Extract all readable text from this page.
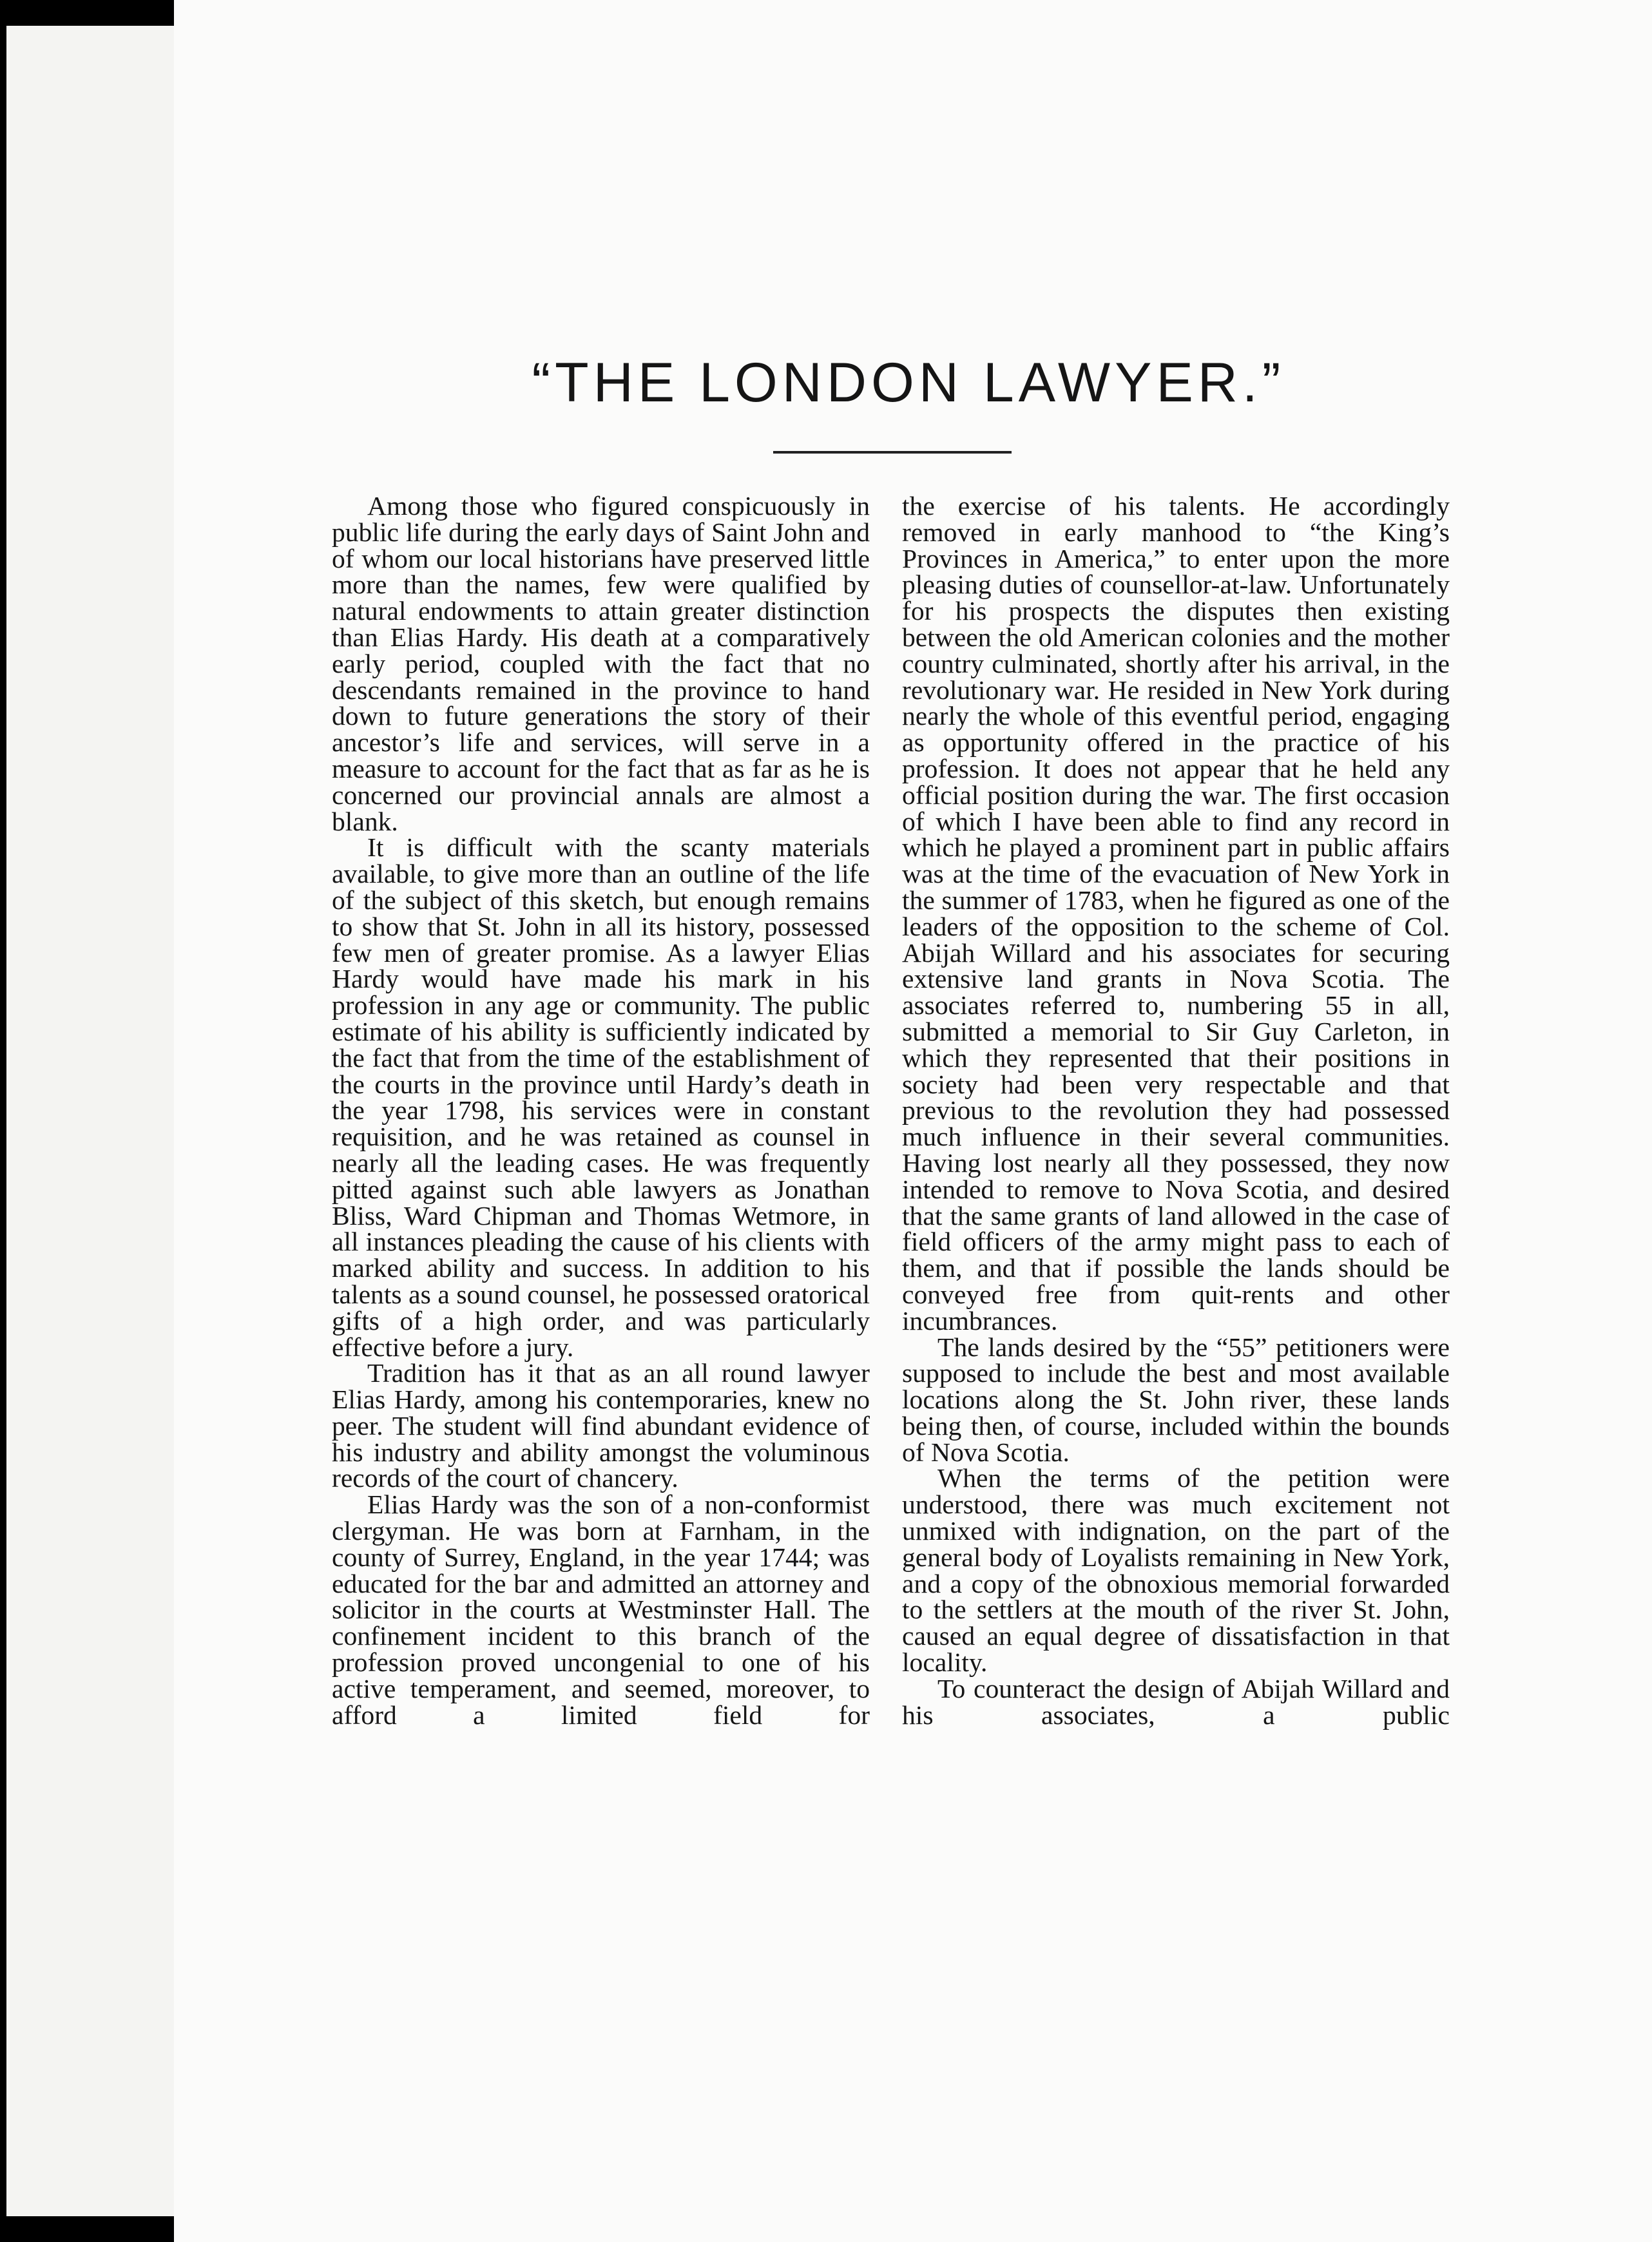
“THE LONDON LAWYER.”

Among those who figured conspicuously in public life during the early days of Saint John and of whom our local historians have preserved little more than the names, few were qualified by natural endowments to attain greater distinction than Elias Hardy. His death at a comparatively early period, coupled with the fact that no descendants remained in the province to hand down to future generations the story of their ancestor’s life and services, will serve in a measure to account for the fact that as far as he is concerned our provincial annals are almost a blank.

It is difficult with the scanty materials available, to give more than an outline of the life of the subject of this sketch, but enough remains to show that St. John in all its history, possessed few men of greater promise. As a lawyer Elias Hardy would have made his mark in his profession in any age or community. The public estimate of his ability is sufficiently indicated by the fact that from the time of the establishment of the courts in the province until Hardy’s death in the year 1798, his services were in constant requisition, and he was retained as counsel in nearly all the leading cases. He was frequently pitted against such able lawyers as Jonathan Bliss, Ward Chipman and Thomas Wetmore, in all instances pleading the cause of his clients with marked ability and success. In addition to his talents as a sound counsel, he possessed oratorical gifts of a high order, and was particularly effective before a jury.

Tradition has it that as an all round lawyer Elias Hardy, among his contemporaries, knew no peer. The student will find abundant evidence of his industry and ability amongst the voluminous records of the court of chancery.

Elias Hardy was the son of a non-conformist clergyman. He was born at Farnham, in the county of Surrey, England, in the year 1744; was educated for the bar and admitted an attorney and solicitor in the courts at Westminster Hall. The confinement incident to this branch of the profession proved uncongenial to one of his active temperament, and seemed, moreover, to afford a limited field for

the exercise of his talents. He accordingly removed in early manhood to “the King’s Provinces in America,” to enter upon the more pleasing duties of counsellor-at-law. Unfortunately for his prospects the disputes then existing between the old American colonies and the mother country culminated, shortly after his arrival, in the revolutionary war. He resided in New York during nearly the whole of this eventful period, engaging as opportunity offered in the practice of his profession. It does not appear that he held any official position during the war. The first occasion of which I have been able to find any record in which he played a prominent part in public affairs was at the time of the evacuation of New York in the summer of 1783, when he figured as one of the leaders of the opposition to the scheme of Col. Abijah Willard and his associates for securing extensive land grants in Nova Scotia. The associates referred to, numbering 55 in all, submitted a memorial to Sir Guy Carleton, in which they represented that their positions in society had been very respectable and that previous to the revolution they had possessed much influence in their several communities. Having lost nearly all they possessed, they now intended to remove to Nova Scotia, and desired that the same grants of land allowed in the case of field officers of the army might pass to each of them, and that if possible the lands should be conveyed free from quit-rents and other incumbrances.

The lands desired by the “55” petitioners were supposed to include the best and most available locations along the St. John river, these lands being then, of course, included within the bounds of Nova Scotia.

When the terms of the petition were understood, there was much excitement not unmixed with indignation, on the part of the general body of Loyalists remaining in New York, and a copy of the obnoxious memorial forwarded to the settlers at the mouth of the river St. John, caused an equal degree of dissatisfaction in that locality.

To counteract the design of Abijah Willard and his associates, a public
